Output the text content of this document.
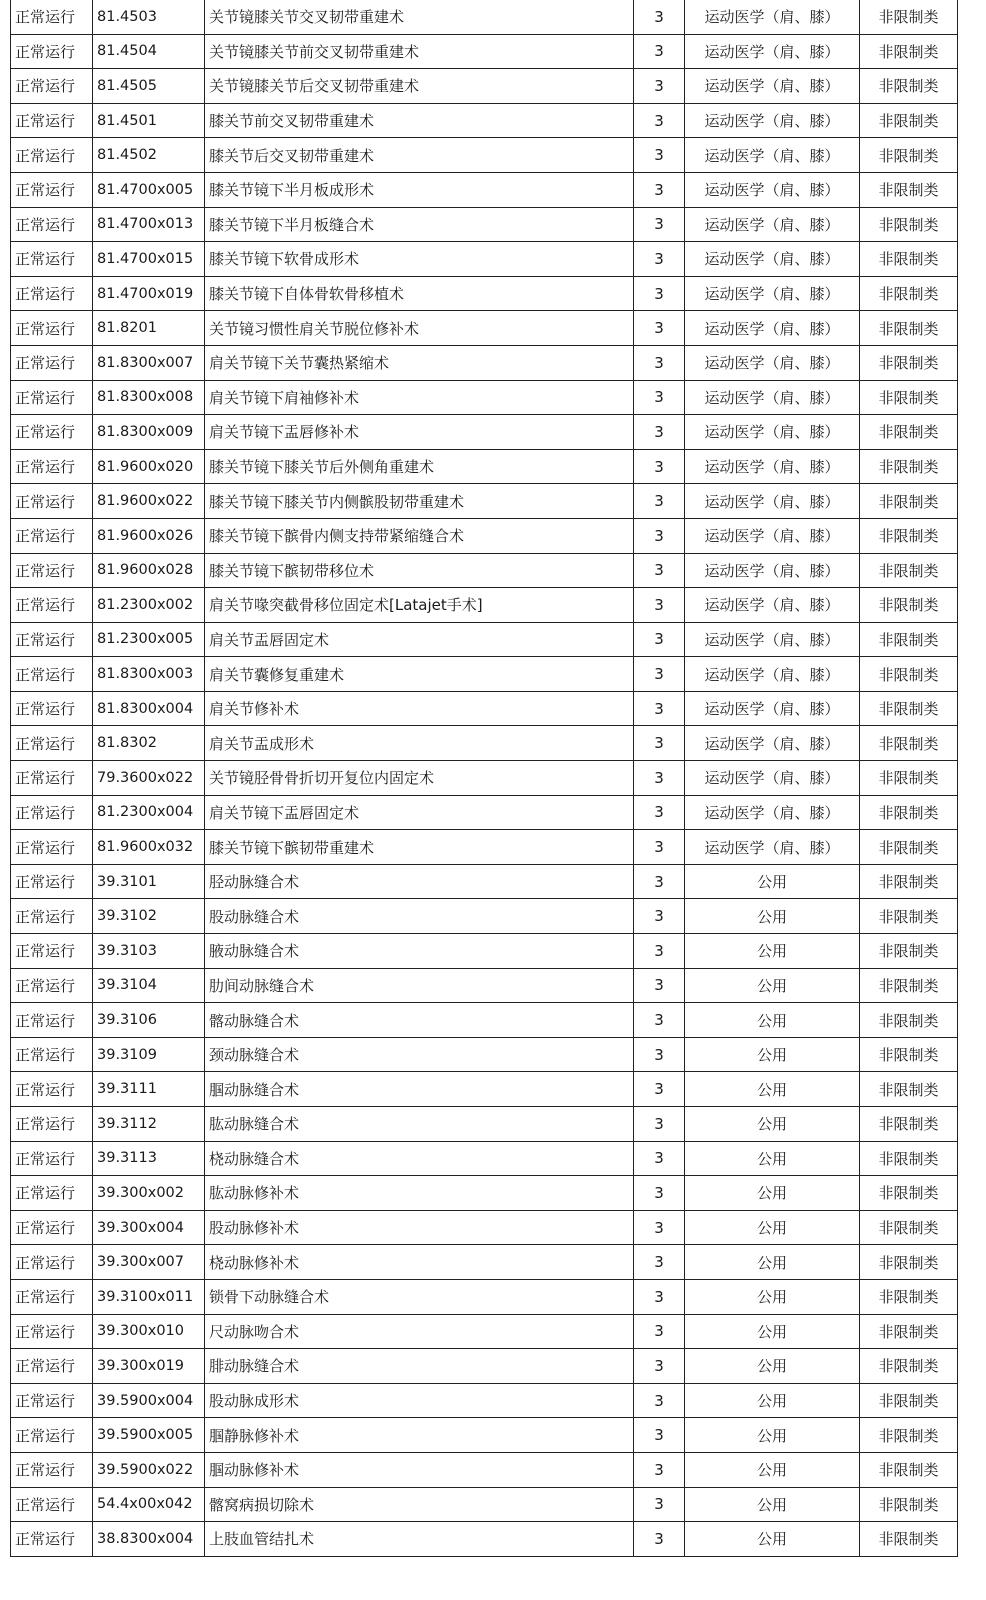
正常运行	81.4503	关节镜膝关节交叉韧带重建术	3	运动医学（肩、膝）	非限制类
正常运行	81.4504	关节镜膝关节前交叉韧带重建术	3	运动医学（肩、膝）	非限制类
正常运行	81.4505	关节镜膝关节后交叉韧带重建术	3	运动医学（肩、膝）	非限制类
正常运行	81.4501	膝关节前交叉韧带重建术	3	运动医学（肩、膝）	非限制类
正常运行	81.4502	膝关节后交叉韧带重建术	3	运动医学（肩、膝）	非限制类
正常运行	81.4700x005	膝关节镜下半月板成形术	3	运动医学（肩、膝）	非限制类
正常运行	81.4700x013	膝关节镜下半月板缝合术	3	运动医学（肩、膝）	非限制类
正常运行	81.4700x015	膝关节镜下软骨成形术	3	运动医学（肩、膝）	非限制类
正常运行	81.4700x019	膝关节镜下自体骨软骨移植术	3	运动医学（肩、膝）	非限制类
正常运行	81.8201	关节镜习惯性肩关节脱位修补术	3	运动医学（肩、膝）	非限制类
正常运行	81.8300x007	肩关节镜下关节囊热紧缩术	3	运动医学（肩、膝）	非限制类
正常运行	81.8300x008	肩关节镜下肩袖修补术	3	运动医学（肩、膝）	非限制类
正常运行	81.8300x009	肩关节镜下盂唇修补术	3	运动医学（肩、膝）	非限制类
正常运行	81.9600x020	膝关节镜下膝关节后外侧角重建术	3	运动医学（肩、膝）	非限制类
正常运行	81.9600x022	膝关节镜下膝关节内侧髌股韧带重建术	3	运动医学（肩、膝）	非限制类
正常运行	81.9600x026	膝关节镜下髌骨内侧支持带紧缩缝合术	3	运动医学（肩、膝）	非限制类
正常运行	81.9600x028	膝关节镜下髌韧带移位术	3	运动医学（肩、膝）	非限制类
正常运行	81.2300x002	肩关节喙突截骨移位固定术[Latajet手术]	3	运动医学（肩、膝）	非限制类
正常运行	81.2300x005	肩关节盂唇固定术	3	运动医学（肩、膝）	非限制类
正常运行	81.8300x003	肩关节囊修复重建术	3	运动医学（肩、膝）	非限制类
正常运行	81.8300x004	肩关节修补术	3	运动医学（肩、膝）	非限制类
正常运行	81.8302	肩关节盂成形术	3	运动医学（肩、膝）	非限制类
正常运行	79.3600x022	关节镜胫骨骨折切开复位内固定术	3	运动医学（肩、膝）	非限制类
正常运行	81.2300x004	肩关节镜下盂唇固定术	3	运动医学（肩、膝）	非限制类
正常运行	81.9600x032	膝关节镜下髌韧带重建术	3	运动医学（肩、膝）	非限制类
正常运行	39.3101	胫动脉缝合术	3	公用	非限制类
正常运行	39.3102	股动脉缝合术	3	公用	非限制类
正常运行	39.3103	腋动脉缝合术	3	公用	非限制类
正常运行	39.3104	肋间动脉缝合术	3	公用	非限制类
正常运行	39.3106	髂动脉缝合术	3	公用	非限制类
正常运行	39.3109	颈动脉缝合术	3	公用	非限制类
正常运行	39.3111	腘动脉缝合术	3	公用	非限制类
正常运行	39.3112	肱动脉缝合术	3	公用	非限制类
正常运行	39.3113	桡动脉缝合术	3	公用	非限制类
正常运行	39.300x002	肱动脉修补术	3	公用	非限制类
正常运行	39.300x004	股动脉修补术	3	公用	非限制类
正常运行	39.300x007	桡动脉修补术	3	公用	非限制类
正常运行	39.3100x011	锁骨下动脉缝合术	3	公用	非限制类
正常运行	39.300x010	尺动脉吻合术	3	公用	非限制类
正常运行	39.300x019	腓动脉缝合术	3	公用	非限制类
正常运行	39.5900x004	股动脉成形术	3	公用	非限制类
正常运行	39.5900x005	腘静脉修补术	3	公用	非限制类
正常运行	39.5900x022	腘动脉修补术	3	公用	非限制类
正常运行	54.4x00x042	髂窝病损切除术	3	公用	非限制类
正常运行	38.8300x004	上肢血管结扎术	3	公用	非限制类
